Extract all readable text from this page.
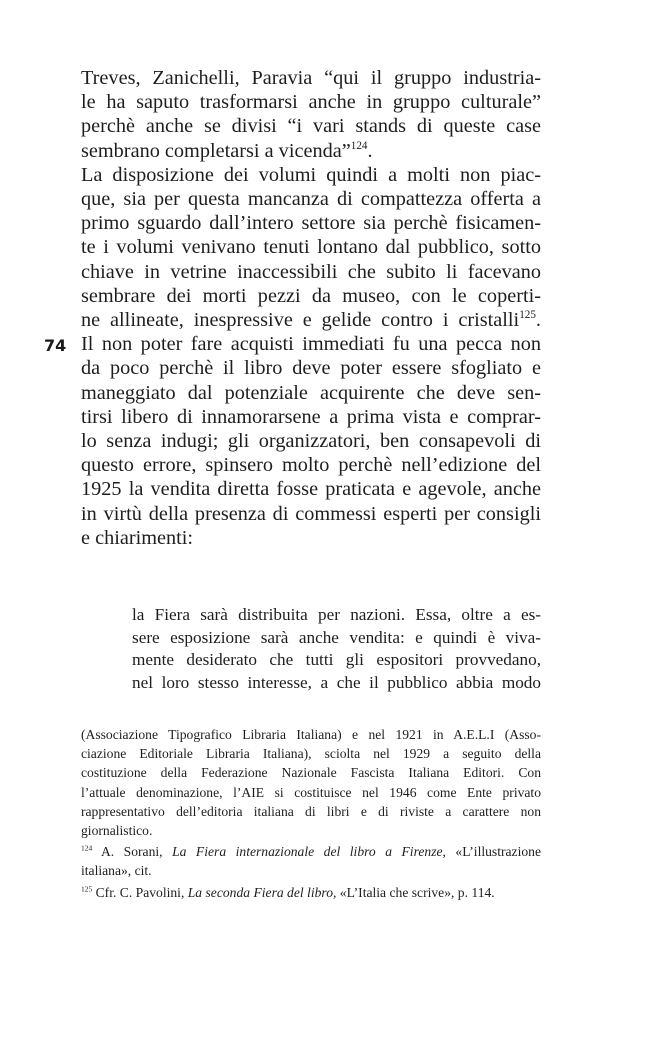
74
Treves, Zanichelli, Paravia “qui il gruppo industria-
le ha saputo trasformarsi anche in gruppo culturale”
perchè anche se divisi “i vari stands di queste case
sembrano completarsi a vicenda”$^{124}$.
La disposizione dei volumi quindi a molti non piac-
que, sia per questa mancanza di compattezza offerta a
primo sguardo dall’intero settore sia perchè fisicamen-
te i volumi venivano tenuti lontano dal pubblico, sotto
chiave in vetrine inaccessibili che subito li facevano
sembrare dei morti pezzi da museo, con le coperti-
ne allineate, inespressive e gelide contro i cristalli$^{125}$.
Il non poter fare acquisti immediati fu una pecca non
da poco perchè il libro deve poter essere sfogliato e
maneggiato dal potenziale acquirente che deve sen-
tirsi libero di innamorarsene a prima vista e comprar-
lo senza indugi; gli organizzatori, ben consapevoli di
questo errore, spinsero molto perchè nell’edizione del
1925 la vendita diretta fosse praticata e agevole, anche
in virtù della presenza di commessi esperti per consigli
e chiarimenti:
la Fiera sarà distribuita per nazioni. Essa, oltre a es-
sere esposizione sarà anche vendita: e quindi è viva-
mente desiderato che tutti gli espositori provvedano,
nel loro stesso interesse, a che il pubblico abbia modo
(Associazione Tipografico Libraria Italiana) e nel 1921 in A.E.L.I (Asso-
ciazione Editoriale Libraria Italiana), sciolta nel 1929 a seguito della
costituzione della Federazione Nazionale Fascista Italiana Editori. Con
l’attuale denominazione, l’AIE si costituisce nel 1946 come Ente privato
rappresentativo dell’editoria italiana di libri e di riviste a carattere non
giornalistico.
$^{124}$ A. Sorani, La Fiera internazionale del libro a Firenze, «L’illustrazione
italiana», cit.
$^{125}$ Cfr. C. Pavolini, La seconda Fiera del libro, «L’Italia che scrive», p. 114.
